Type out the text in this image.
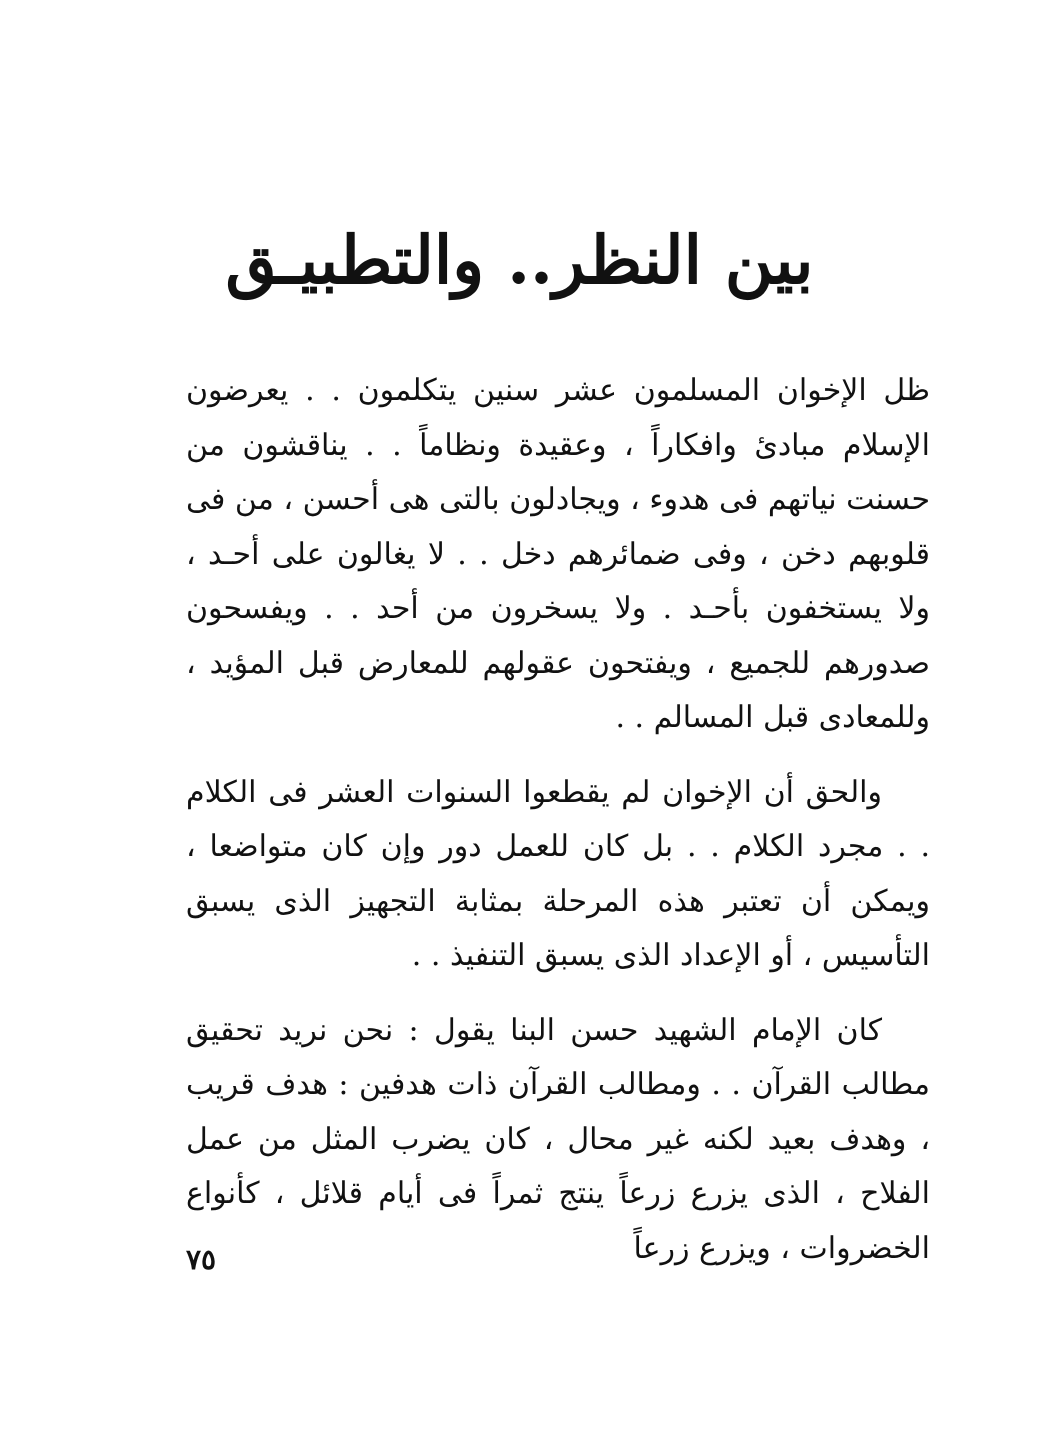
بين النظر.. والتطبيـق

ظل الإخوان المسلمون عشر سنين يتكلمون . . يعرضون الإسلام مبادئ وافكاراً ، وعقيدة ونظاماً . . يناقشون من حسنت نياتهم فى هدوء ، ويجادلون بالتى هى أحسن ، من فى قلوبهم دخن ، وفى ضمائرهم دخل . . لا يغالون على أحـد ، ولا يستخفون بأحـد . ولا يسخرون من أحد . . ويفسحون صدورهم للجميع ، ويفتحون عقولهم للمعارض قبل المؤيد ، وللمعادى قبل المسالم . .

والحق أن الإخوان لم يقطعوا السنوات العشر فى الكلام . . مجرد الكلام . . بل كان للعمل دور وإن كان متواضعا ، ويمكن أن تعتبر هذه المرحلة بمثابة التجهيز الذى يسبق التأسيس ، أو الإعداد الذى يسبق التنفيذ . .

كان الإمام الشهيد حسن البنا يقول : نحن نريد تحقيق مطالب القرآن . . ومطالب القرآن ذات هدفين : هدف قريب ، وهدف بعيد لكنه غير محال ، كان يضرب المثل من عمل الفلاح ، الذى يزرع زرعاً ينتج ثمراً فى أيام قلائل ، كأنواع الخضروات ، ويزرع زرعاً

٧٥
